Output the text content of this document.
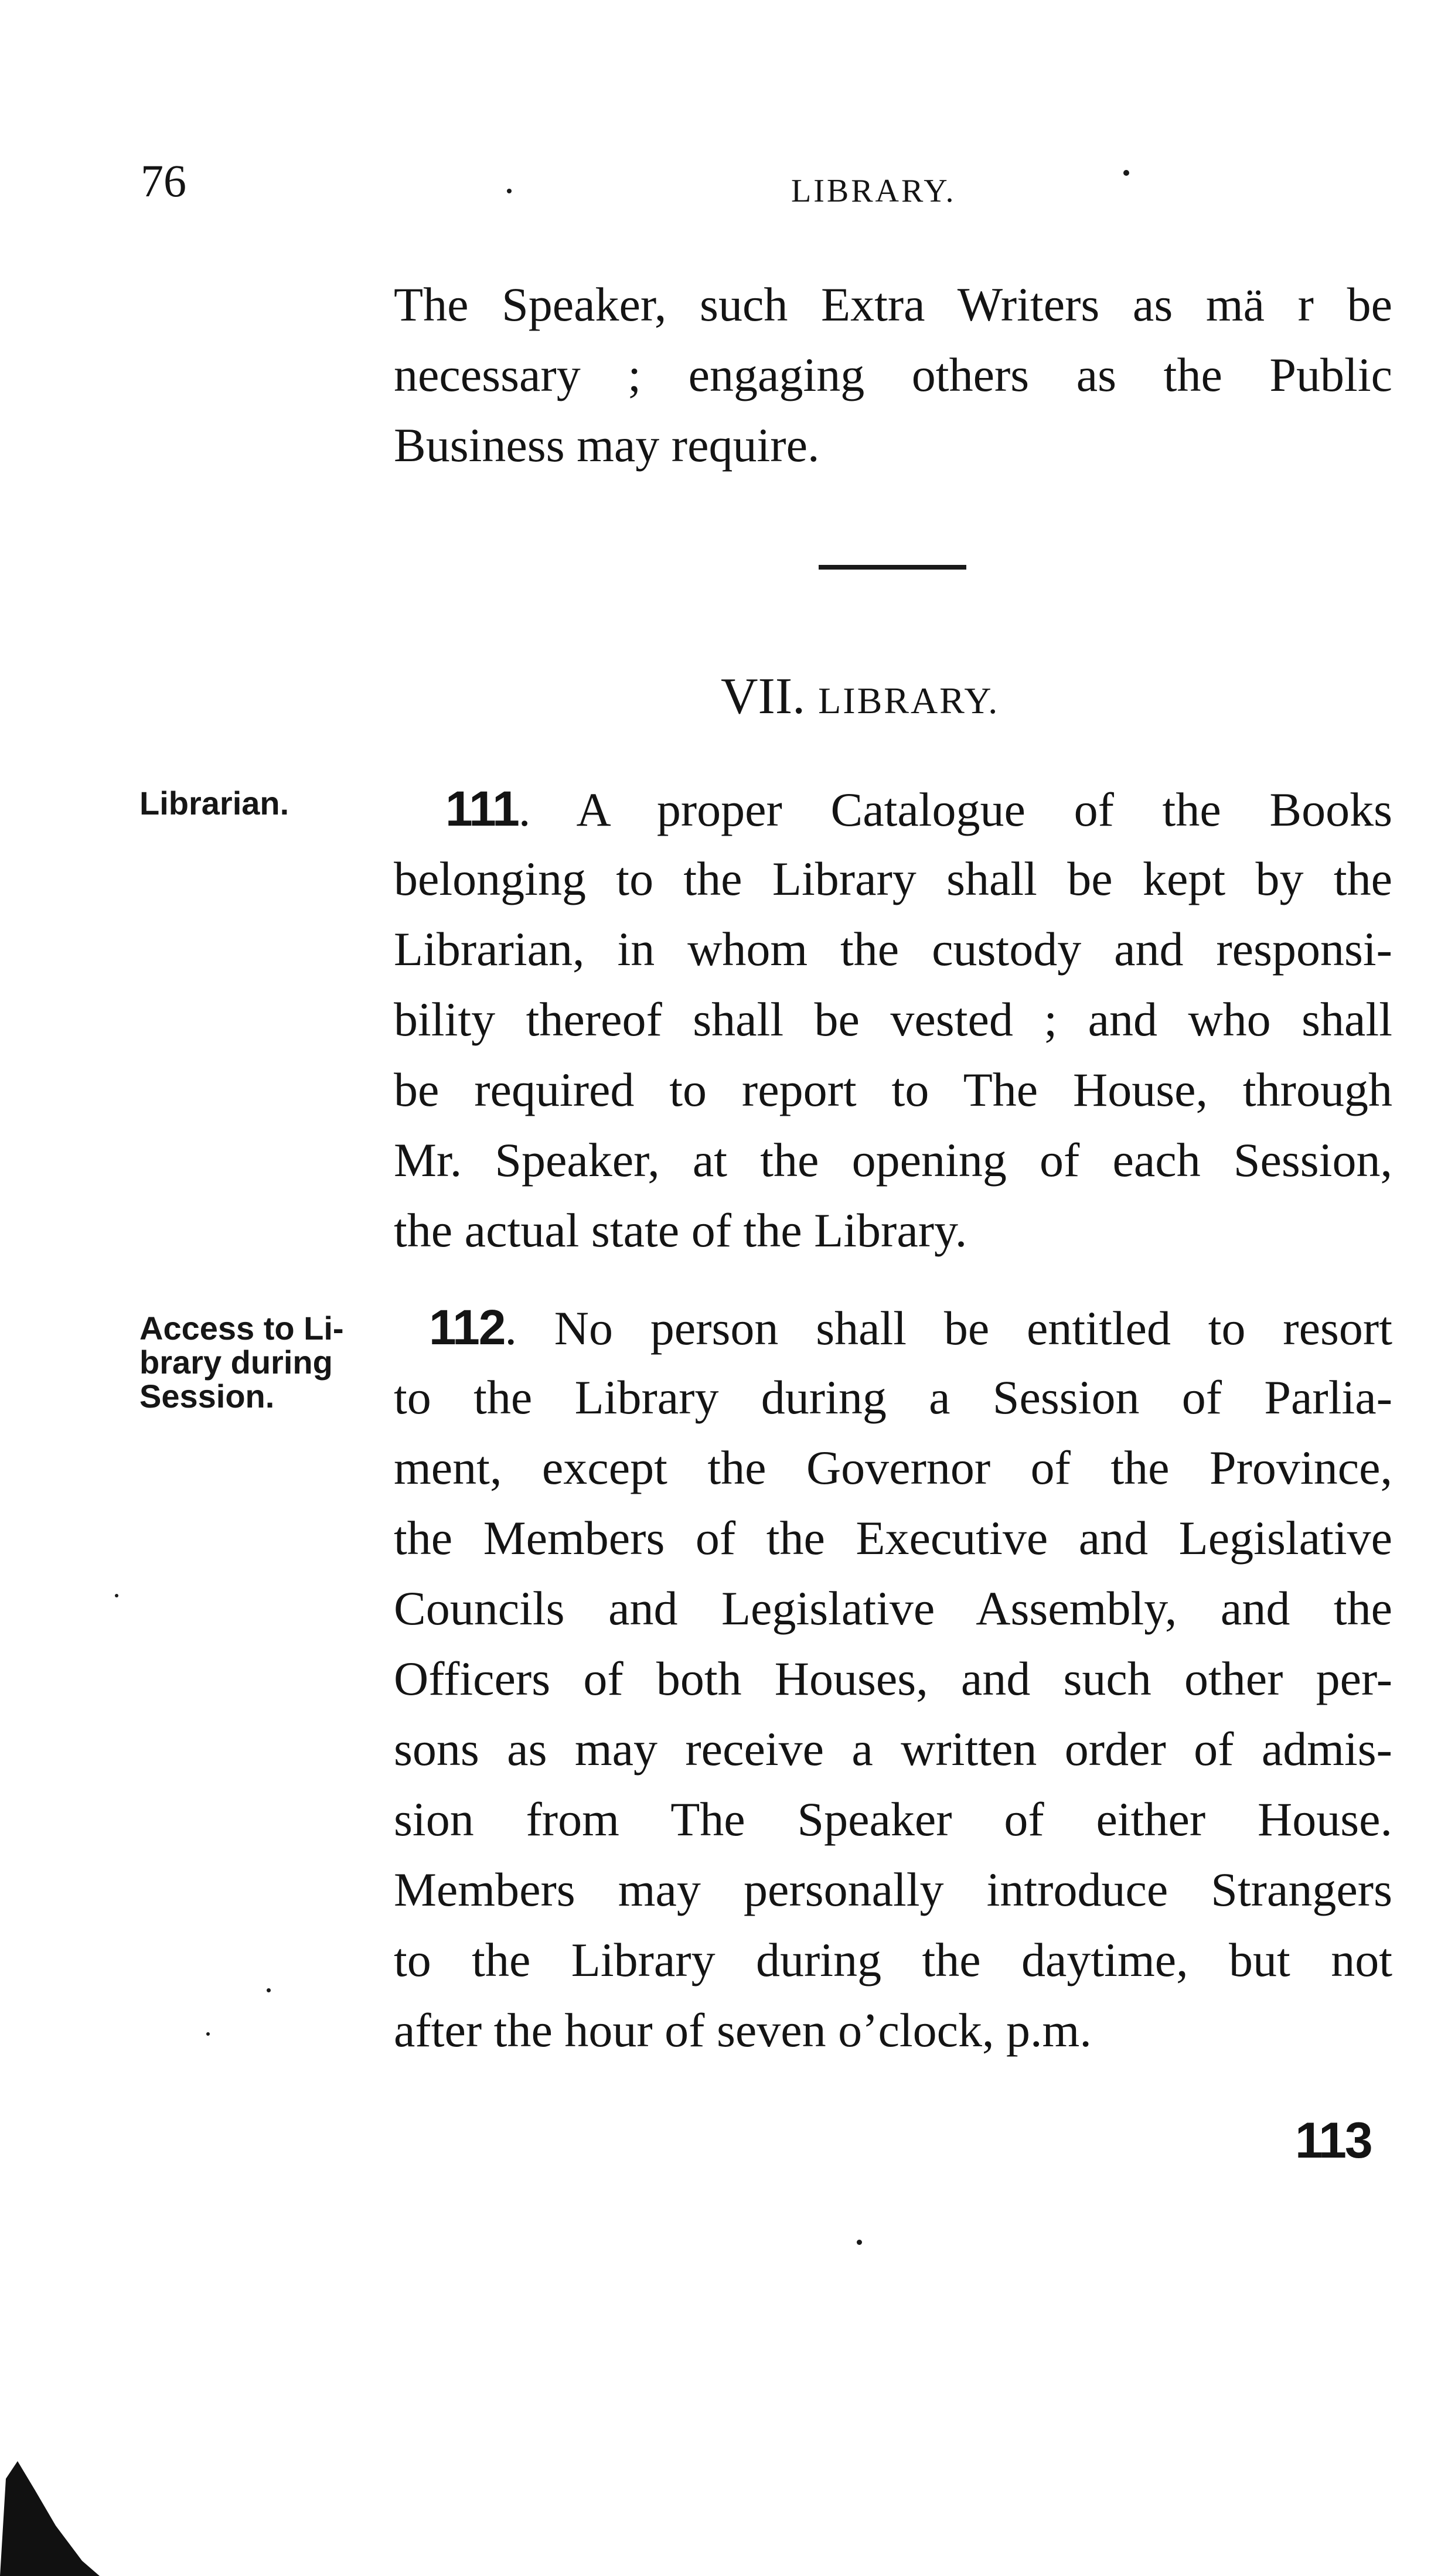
76	LIBRARY.
The Speaker, such Extra Writers as mä r be
necessary ; engaging others as the Public
Business may require.
VII. LIBRARY.
Librarian.	111. A proper Catalogue of the Books
belonging to the Library shall be kept by the
Librarian, in whom the custody and responsi-
bility thereof shall be vested ; and who shall
be required to report to The House, through
Mr. Speaker, at the opening of each Session,
the actual state of the Library.
Access to Li-
brary during
Session.
112. No person shall be entitled to resort
to the Library during a Session of Parlia-
ment, except the Governor of the Province,
the Members of the Executive and Legislative
Councils and Legislative Assembly, and the
Officers of both Houses, and such other per-
sons as may receive a written order of admis-
sion from The Speaker of either House.
Members may personally introduce Strangers
to the Library during the daytime, but not
after the hour of seven o’clock, p.m.
113
